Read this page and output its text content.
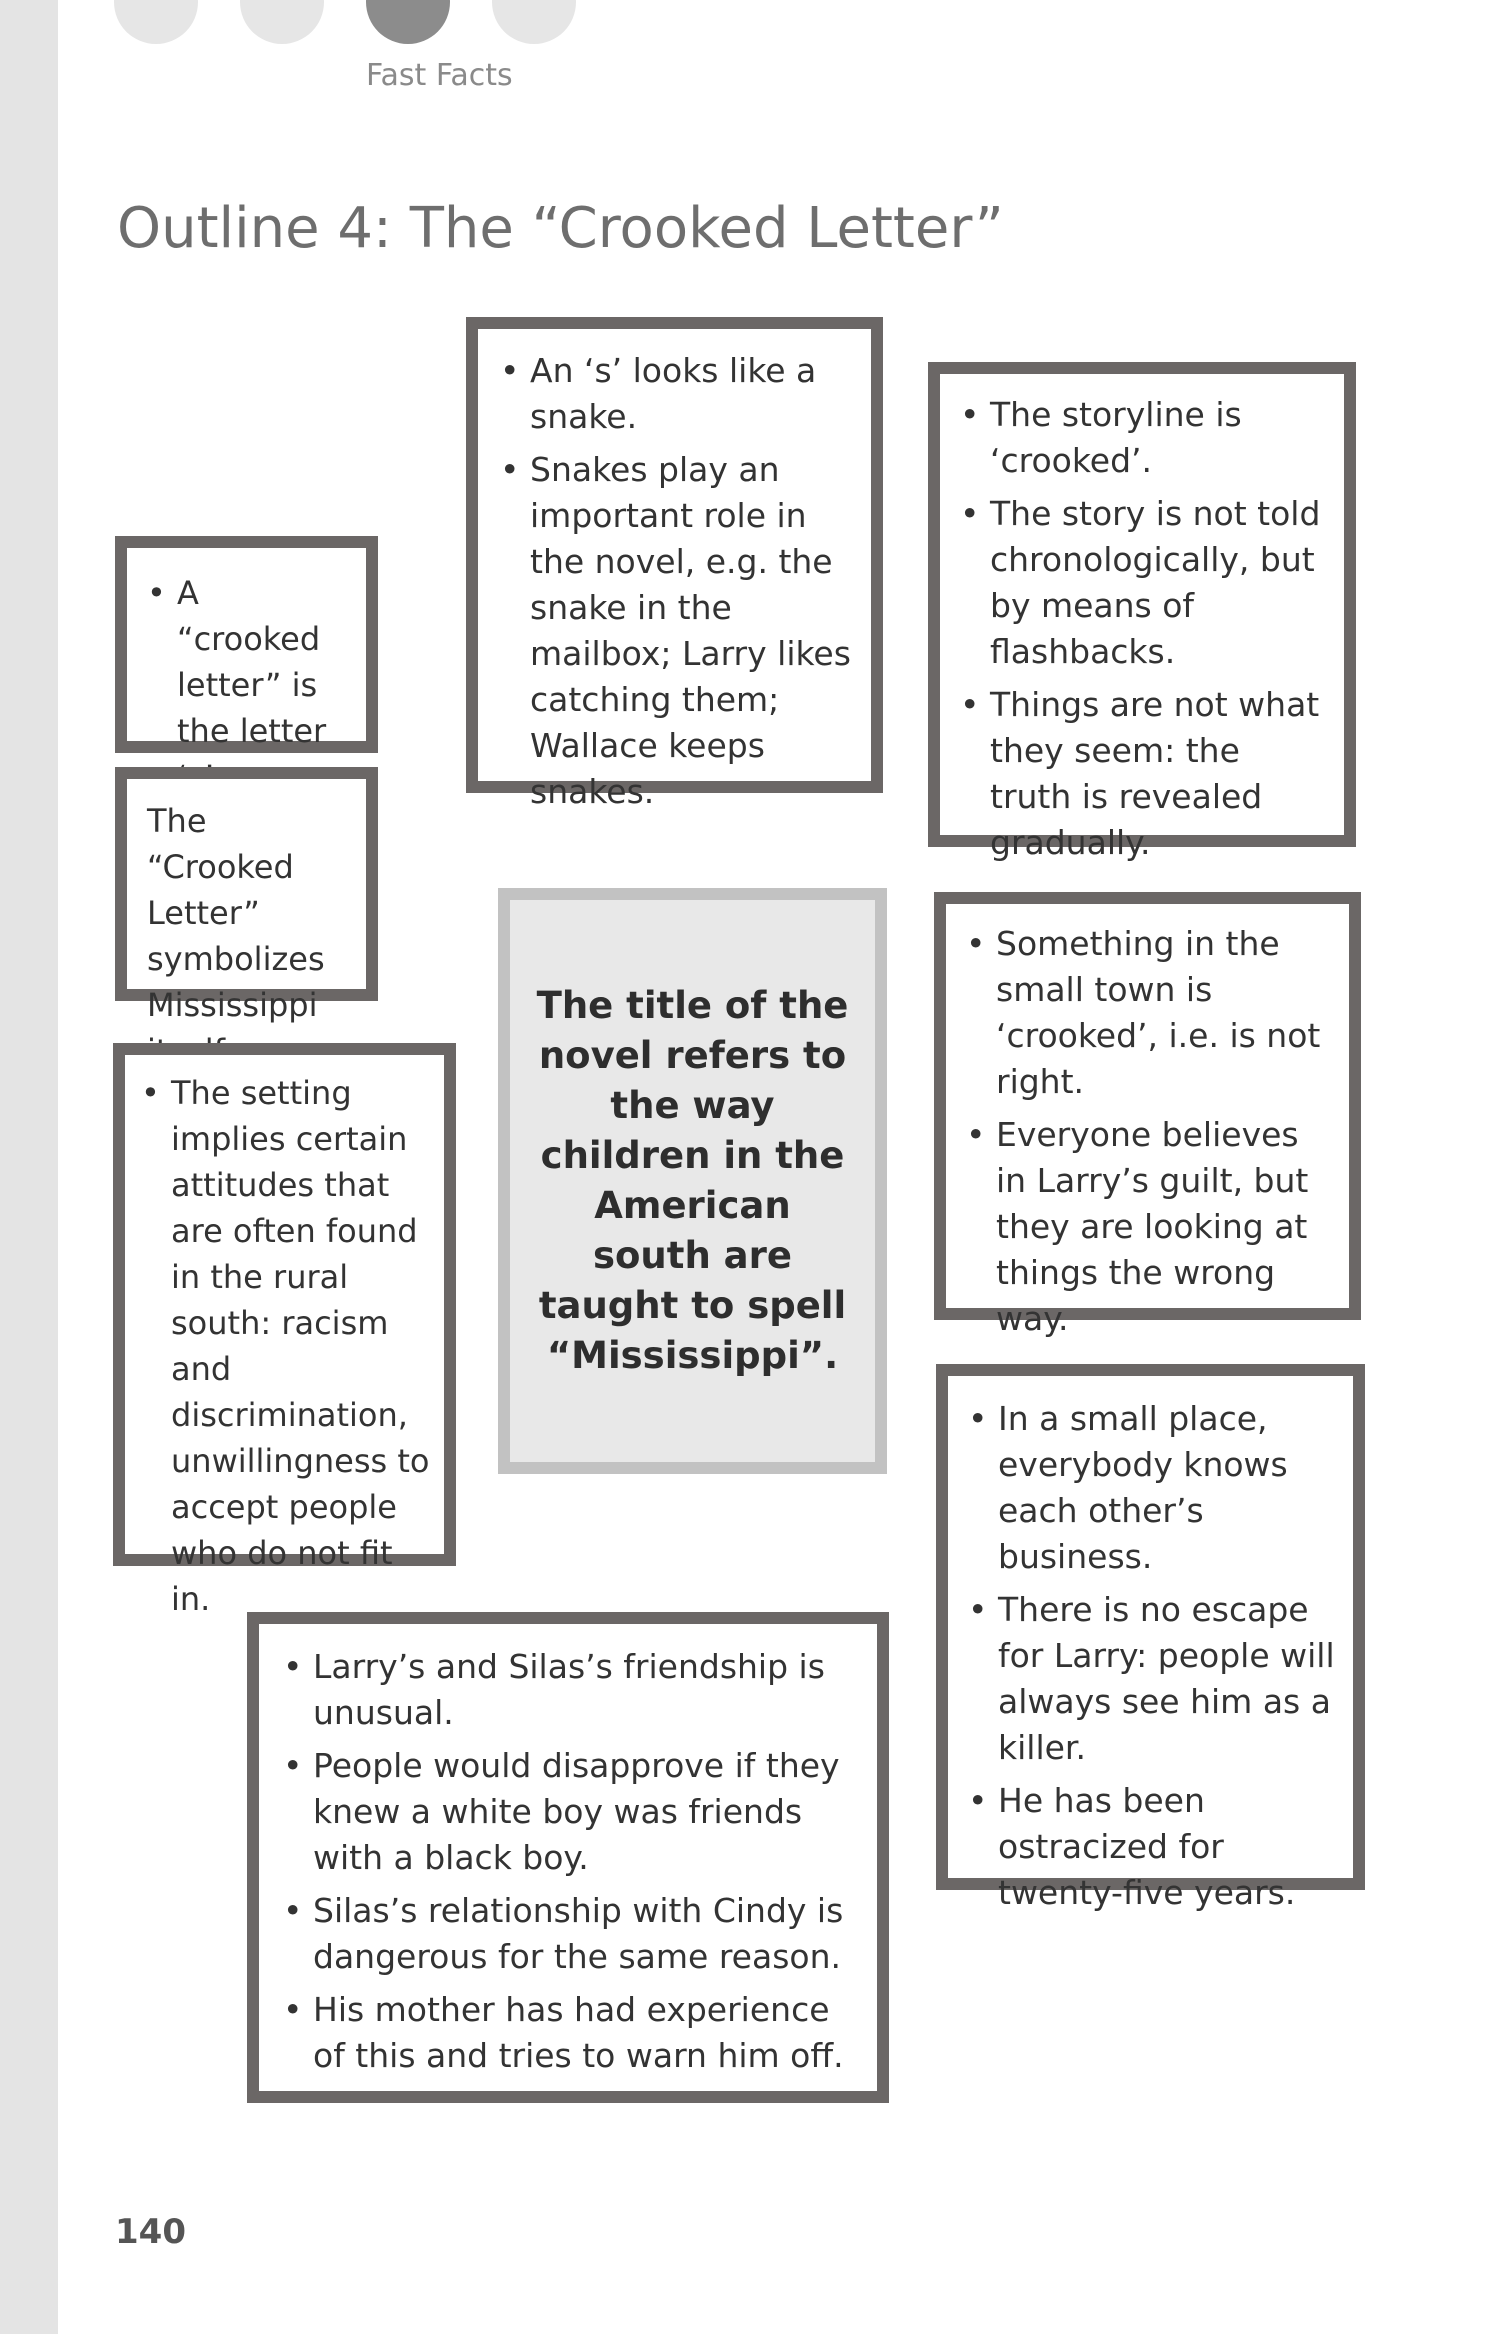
Fast Facts
Outline 4: The “Crooked Letter”
• A “crooked letter” is the letter

The “Crooked Letter” symbolizes Mississippi

• An ‘s’ looks like a snake.
• Snakes play an important role in the novel, e.g. the snake in the mailbox; Larry likes catching them; Wallace keeps snakes.
• The storyline is ‘crooked’.
• The story is not told chronologically, but by means of flashbacks.
• Things are not what they seem: the truth is revealed gradually.
• The setting implies certain attitudes that are often found in the rural south: racism and discrimination, unwillingness to accept people who do not fit in.
The title of the novel refers to the way children in the American south are taught to spell “Mississippi”.
• Something in the small town is ‘crooked’, i.e. is not right.
• Everyone believes in Larry’s guilt, but they are looking at things the wrong way.
• In a small place, everybody knows each other’s business.
• There is no escape for Larry: people will always see him as a killer.
• He has been ostracized for twenty-five years.
• Larry’s and Silas’s friendship is unusual.
• People would disapprove if they knew a white boy was friends with a black boy.
• Silas’s relationship with Cindy is dangerous for the same reason.
• His mother has had experience of this and tries to warn him off.
140
